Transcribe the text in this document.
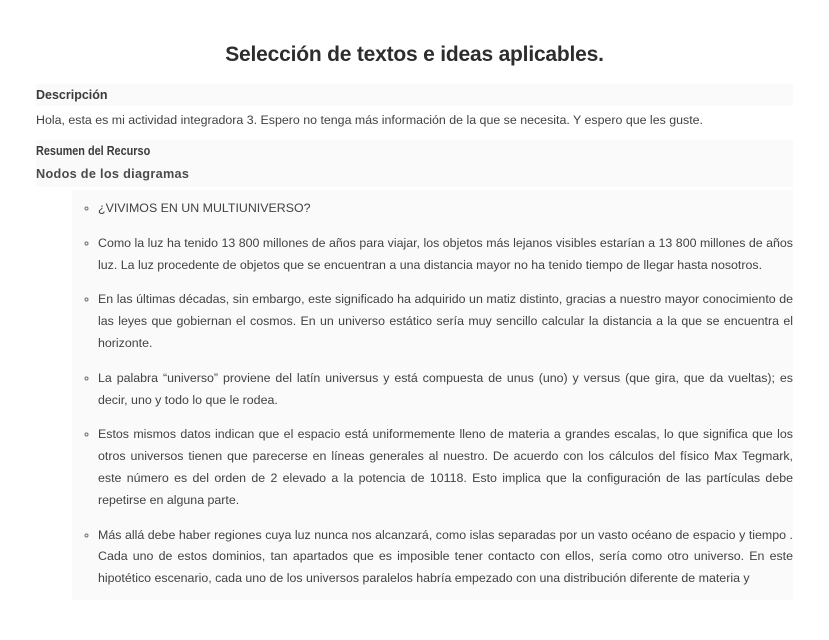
Selección de textos e ideas aplicables.
Descripción
Hola, esta es mi actividad integradora 3. Espero no tenga más información de la que se necesita. Y espero que les guste.
Resumen del Recurso
Nodos de los diagramas
◦ ¿VIVIMOS EN UN MULTIUNIVERSO?
◦ Como la luz ha tenido 13 800 millones de años para viajar, los objetos más lejanos visibles estarían a 13 800 millones de años luz. La luz procedente de objetos que se encuentran a una distancia mayor no ha tenido tiempo de llegar hasta nosotros.
◦ En las últimas décadas, sin embargo, este significado ha adquirido un matiz distinto, gracias a nuestro mayor conocimiento de las leyes que gobiernan el cosmos. En un universo estático sería muy sencillo calcular la distancia a la que se encuentra el horizonte.
◦ La palabra “universo” proviene del latín universus y está compuesta de unus (uno) y versus (que gira, que da vueltas); es decir, uno y todo lo que le rodea.
◦ Estos mismos datos indican que el espacio está uniformemente lleno de materia a grandes escalas, lo que significa que los otros universos tienen que parecerse en líneas generales al nuestro. De acuerdo con los cálculos del físico Max Tegmark, este número es del orden de 2 elevado a la potencia de 10118. Esto implica que la configuración de las partículas debe repetirse en alguna parte.
◦ Más allá debe haber regiones cuya luz nunca nos alcanzará, como islas separadas por un vasto océano de espacio y tiempo . Cada uno de estos dominios, tan apartados que es imposible tener contacto con ellos, sería como otro universo. En este hipotético escenario, cada uno de los universos paralelos habría empezado con una distribución diferente de materia y
